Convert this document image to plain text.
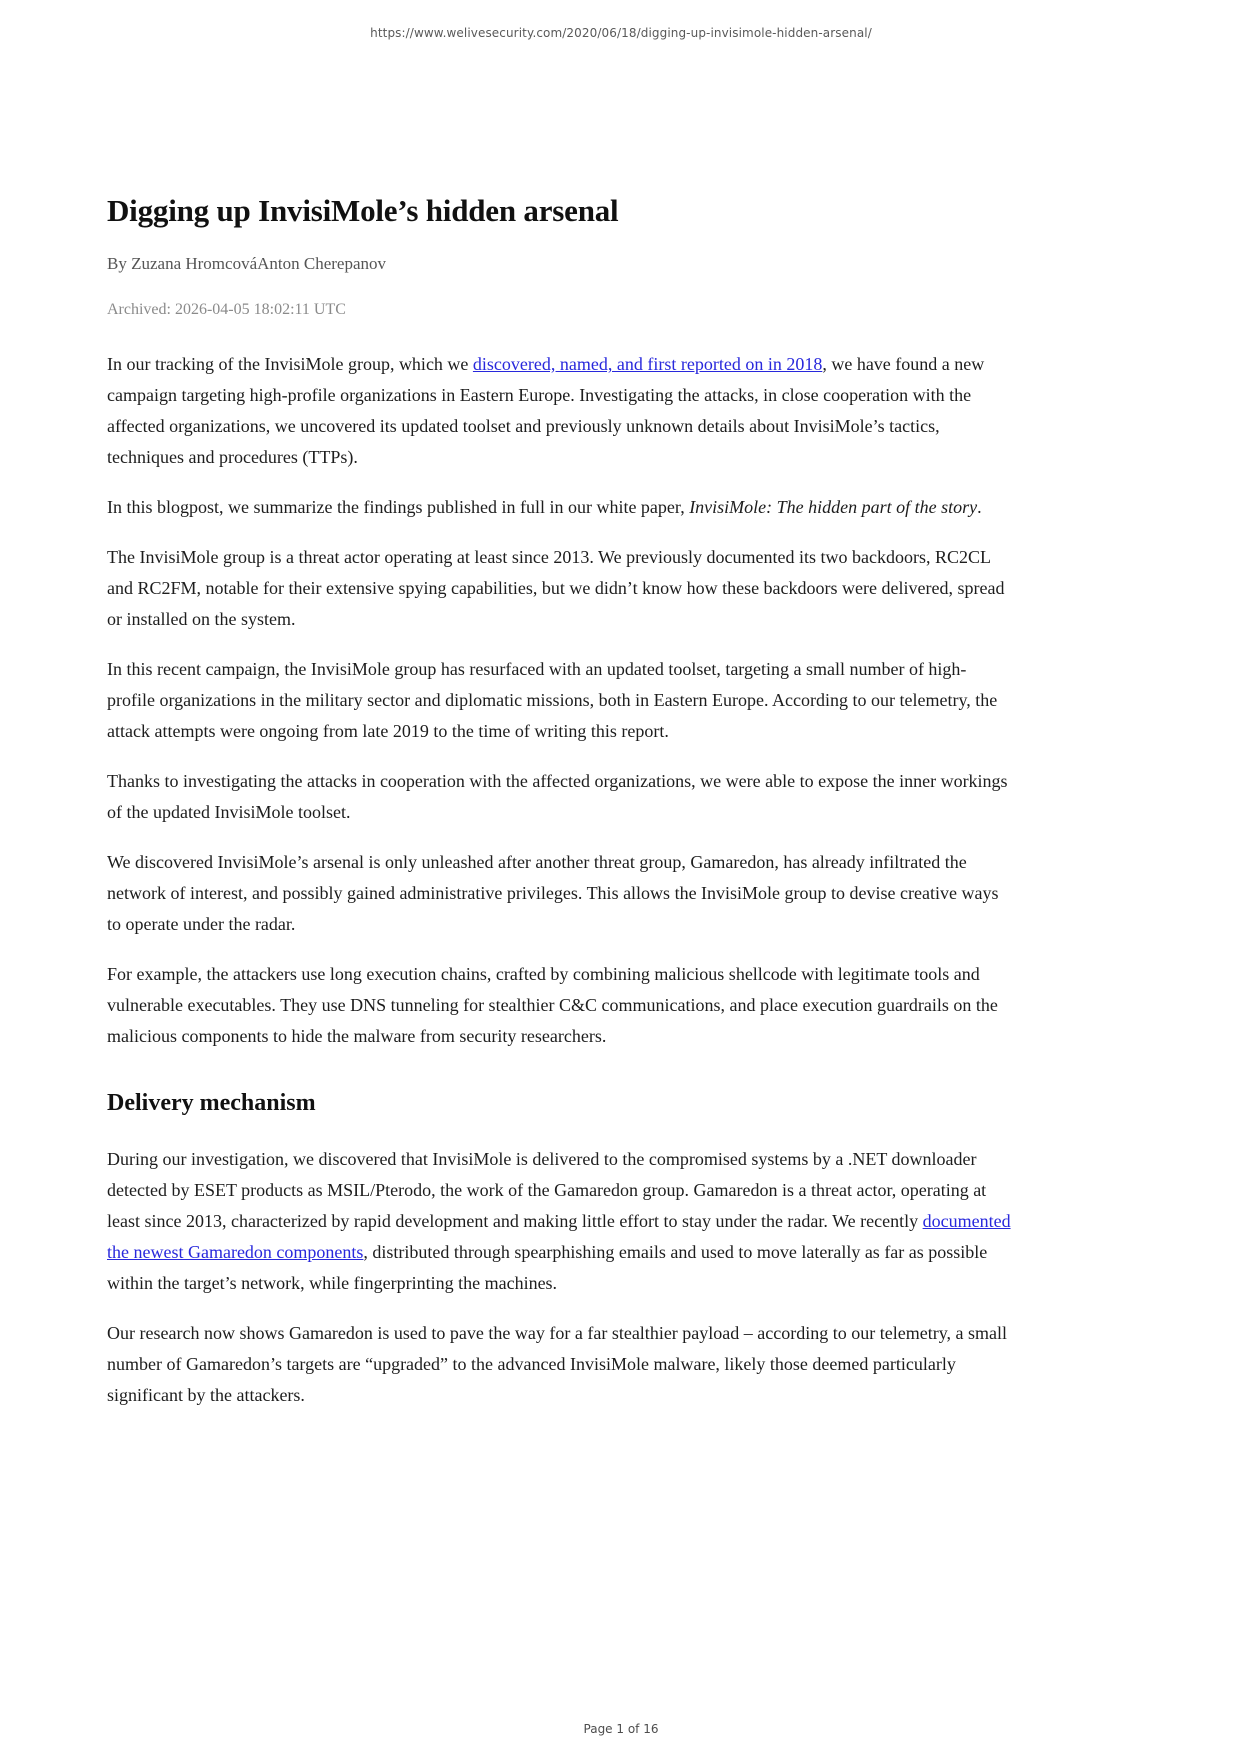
https://www.welivesecurity.com/2020/06/18/digging-up-invisimole-hidden-arsenal/
Digging up InvisiMole’s hidden arsenal

By Zuzana HromcováAnton Cherepanov

Archived: 2026-04-05 18:02:11 UTC

In our tracking of the InvisiMole group, which we discovered, named, and first reported on in 2018, we have found a new campaign targeting high-profile organizations in Eastern Europe. Investigating the attacks, in close cooperation with the affected organizations, we uncovered its updated toolset and previously unknown details about InvisiMole’s tactics, techniques and procedures (TTPs).

In this blogpost, we summarize the findings published in full in our white paper, InvisiMole: The hidden part of the story.

The InvisiMole group is a threat actor operating at least since 2013. We previously documented its two backdoors, RC2CL and RC2FM, notable for their extensive spying capabilities, but we didn’t know how these backdoors were delivered, spread or installed on the system.

In this recent campaign, the InvisiMole group has resurfaced with an updated toolset, targeting a small number of high-profile organizations in the military sector and diplomatic missions, both in Eastern Europe. According to our telemetry, the attack attempts were ongoing from late 2019 to the time of writing this report.

Thanks to investigating the attacks in cooperation with the affected organizations, we were able to expose the inner workings of the updated InvisiMole toolset.

We discovered InvisiMole’s arsenal is only unleashed after another threat group, Gamaredon, has already infiltrated the network of interest, and possibly gained administrative privileges. This allows the InvisiMole group to devise creative ways to operate under the radar.

For example, the attackers use long execution chains, crafted by combining malicious shellcode with legitimate tools and vulnerable executables. They use DNS tunneling for stealthier C&C communications, and place execution guardrails on the malicious components to hide the malware from security researchers.

Delivery mechanism

During our investigation, we discovered that InvisiMole is delivered to the compromised systems by a .NET downloader detected by ESET products as MSIL/Pterodo, the work of the Gamaredon group. Gamaredon is a threat actor, operating at least since 2013, characterized by rapid development and making little effort to stay under the radar. We recently documented the newest Gamaredon components, distributed through spearphishing emails and used to move laterally as far as possible within the target’s network, while fingerprinting the machines.

Our research now shows Gamaredon is used to pave the way for a far stealthier payload – according to our telemetry, a small number of Gamaredon’s targets are “upgraded” to the advanced InvisiMole malware, likely those deemed particularly significant by the attackers.

Page 1 of 16
